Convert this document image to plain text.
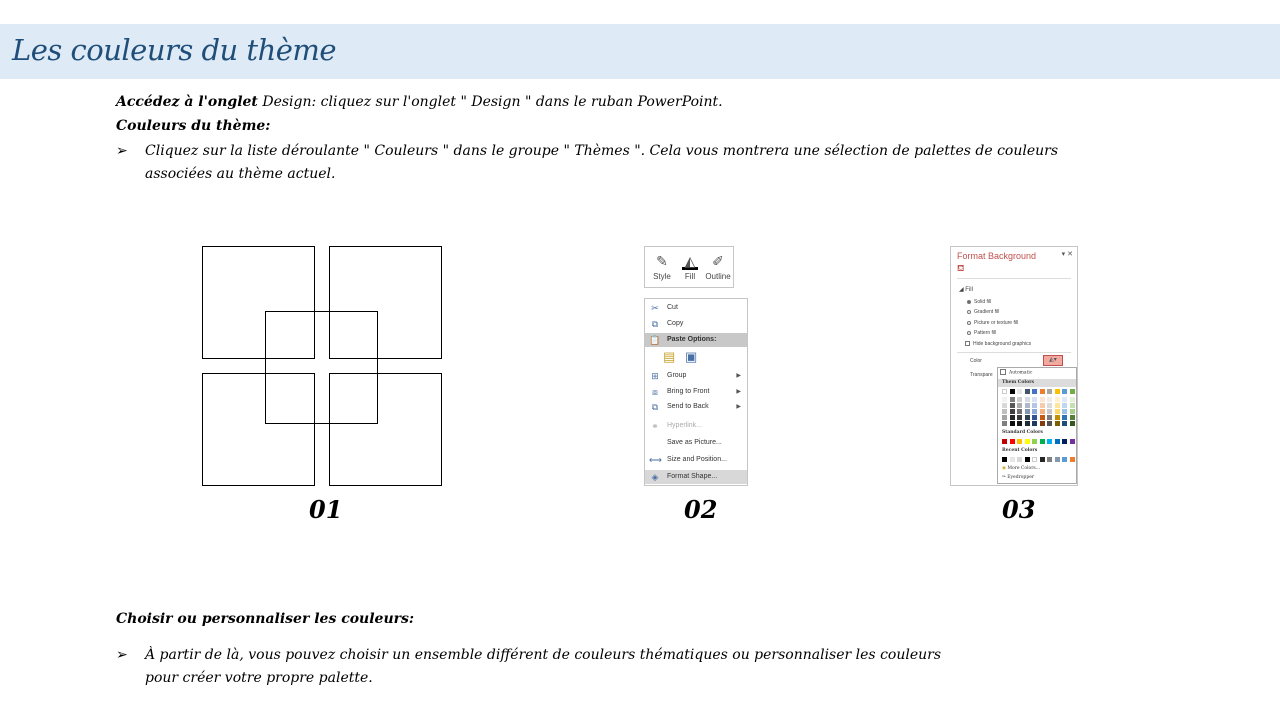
Les couleurs du thème
Accédez à l'onglet Design: cliquez sur l'onglet " Design " dans le ruban PowerPoint.
Couleurs du thème:
➢ Cliquez sur la liste déroulante " Couleurs " dans le groupe " Thèmes ". Cela vous montrera une sélection de palettes de couleurs associées au thème actuel.
01
✎
Style
◭
Fill
✐
Outline
✂	Cut
⧉	Copy
📋 Paste Options:
▤ ▣
⊞	Group	▶
⧈	Bring to Front	▶
⧉	Send to Back	▶
⚭	Hyperlink...
Save as Picture...
⟷ Size and Position...
◈	Format Shape...
02
Format Background	▾ ✕
⛾
◢ Fill
Solid fill
Gradient fill
Picture or texture fill
Pattern fill
Hide background graphics
Color	◭▾
Transpare	Automatic
Them Colors
Standard Colors
Recent Colors
◉ More Colors...
✑ Eyedropper
03
Choisir ou personnaliser les couleurs:
➢ À partir de là, vous pouvez choisir un ensemble différent de couleurs thématiques ou personnaliser les couleurs
pour créer votre propre palette.
